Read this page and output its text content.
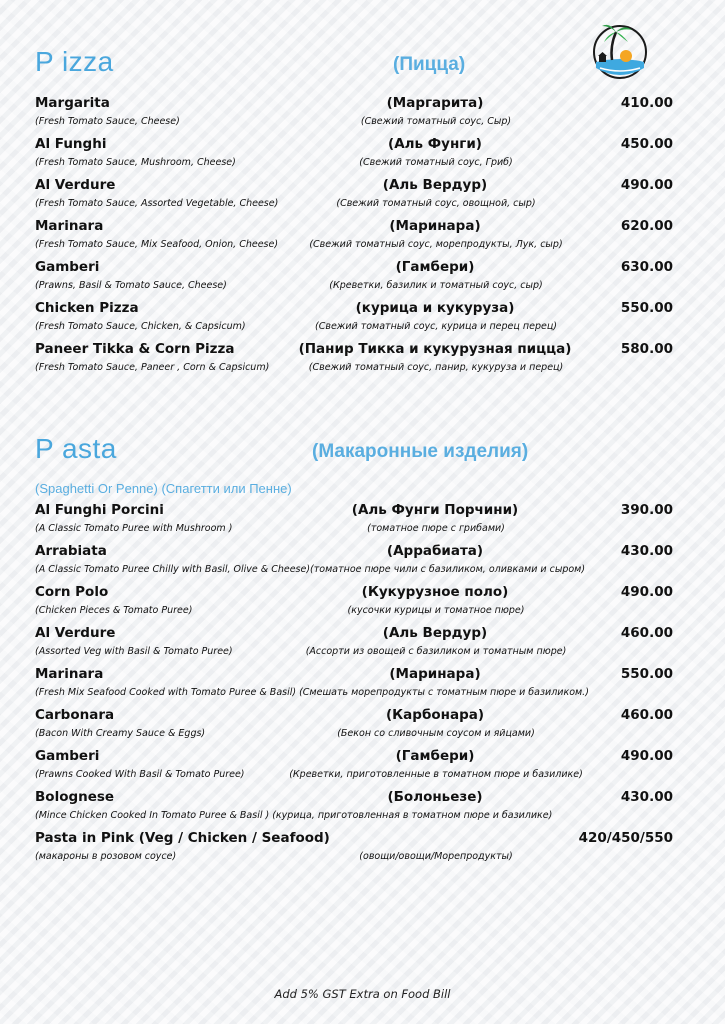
P izza	(Пицца)
Margarita	(Маргарита)	410.00
(Fresh Tomato Sauce, Cheese)	(Свежий томатный соус, Сыр)
Al Funghi	(Аль Фунги)	450.00
(Fresh Tomato Sauce, Mushroom, Cheese)	(Свежий томатный соус, Гриб)
Al Verdure	(Аль Вердур)	490.00
(Fresh Tomato Sauce, Assorted Vegetable, Cheese)	(Свежий томатный соус, овощной, сыр)
Marinara	(Маринара)	620.00
(Fresh Tomato Sauce, Mix Seafood, Onion, Cheese)	(Свежий томатный соус, морепродукты, Лук, сыр)
Gamberi	(Гамбери)	630.00
(Prawns, Basil & Tomato Sauce, Cheese)	(Креветки, базилик и томатный соус, сыр)
Chicken Pizza	(курица и кукуруза)	550.00
(Fresh Tomato Sauce, Chicken, & Capsicum)	(Свежий томатный соус, курица и перец перец)
Paneer Tikka & Corn Pizza	(Панир Тикка и кукурузная пицца)	580.00
(Fresh Tomato Sauce, Paneer , Corn & Capsicum)	(Свежий томатный соус, панир, кукуруза и перец)
P asta	(Макаронные изделия)
(Spaghetti Or Penne) (Спагетти или Пенне)
Al Funghi Porcini	(Аль Фунги Порчини)	390.00
(A Classic Tomato Puree with Mushroom )	(томатное пюре с грибами)
Arrabiata	(Аррабиата)	430.00
(A Classic Tomato Puree Chilly with Basil, Olive & Cheese)(томатное пюре чили с базиликом, оливками и сыром)
Corn Polo	(Кукурузное поло)	490.00
(Chicken Pieces & Tomato Puree)	(кусочки курицы и томатное пюре)
Al Verdure	(Аль Вердур)	460.00
(Assorted Veg with Basil & Tomato Puree)	(Ассорти из овощей с базиликом и томатным пюре)
Marinara	(Маринара)	550.00
(Fresh Mix Seafood Cooked with Tomato Puree & Basil) (Смешать морепродукты с томатным пюре и базиликом.)
Carbonara	(Карбонара)	460.00
(Bacon With Creamy Sauce & Eggs)	(Бекон со сливочным соусом и яйцами)
Gamberi	(Гамбери)	490.00
(Prawns Cooked With Basil & Tomato Puree)	(Креветки, приготовленные в томатном пюре и базилике)
Bolognese	(Болоньезе)	430.00
(Mince Chicken Cooked In Tomato Puree & Basil ) (курица, приготовленная в томатном пюре и базилике)
Pasta in Pink (Veg / Chicken / Seafood)	420/450/550
(макароны в розовом соусе)	(овощи/овощи/Морепродукты)
Add 5% GST Extra on Food Bill
